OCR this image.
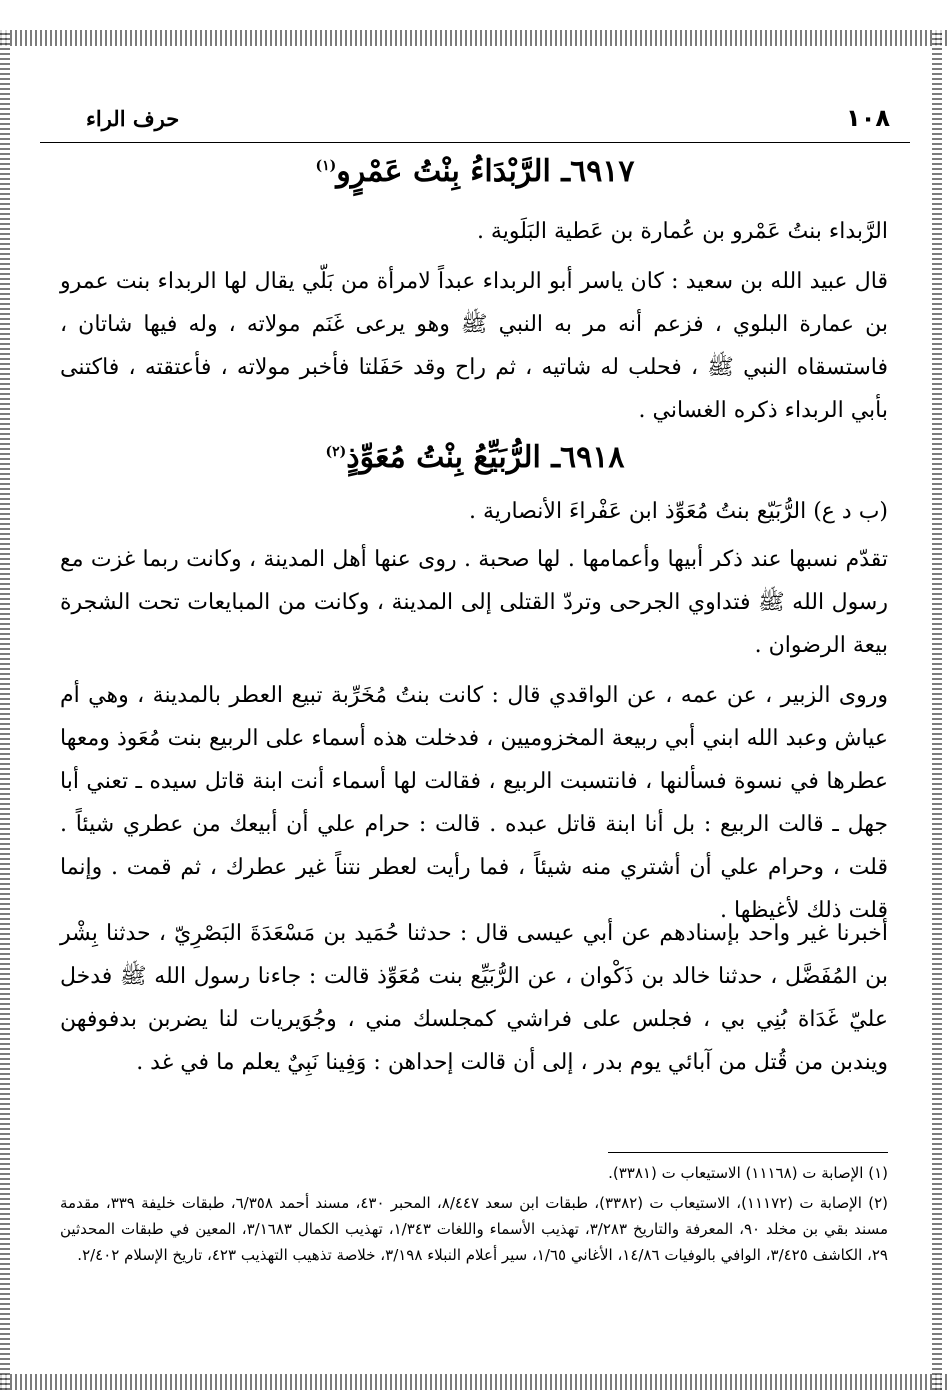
١٠٨
حرف الراء
٦٩١٧ـ الرَّبْدَاءُ بِنْتُ عَمْرٍو$^{(١)}$
الرَّبداء بنتُ عَمْرو بن عُمارة بن عَطية البَلَوية .
قال عبيد الله بن سعيد : كان ياسر أبو الربداء عبداً لامرأة من بَلّي يقال لها الربداء بنت عمرو بن عمارة البلوي ، فزعم أنه مر به النبي ﷺ وهو يرعى غَنَم مولاته ، وله فيها شاتان ، فاستسقاه النبي ﷺ ، فحلب له شاتيه ، ثم راح وقد حَفَلتا فأخبر مولاته ، فأعتقته ، فاكتنى بأبي الربداء ذكره الغساني .
٦٩١٨ـ الرُّبَيِّعُ بِنْتُ مُعَوِّذٍ$^{(٢)}$
(ب د ع) الرُّبَيّع بنتُ مُعَوِّذ ابن عَفْراءَ الأنصارية .
تقدّم نسبها عند ذكر أبيها وأعمامها . لها صحبة . روى عنها أهل المدينة ، وكانت ربما غزت مع رسول الله ﷺ فتداوي الجرحى وتردّ القتلى إلى المدينة ، وكانت من المبايعات تحت الشجرة بيعة الرضوان .
وروى الزبير ، عن عمه ، عن الواقدي قال : كانت بنتُ مُخَرِّبة تبيع العطر بالمدينة ، وهي أم عياش وعبد الله ابني أبي ربيعة المخزوميين ، فدخلت هذه أسماء على الربيع بنت مُعَوذ ومعها عطرها في نسوة فسألنها ، فانتسبت الربيع ، فقالت لها أسماء أنت ابنة قاتل سيده ـ تعني أبا جهل ـ قالت الربيع : بل أنا ابنة قاتل عبده . قالت : حرام علي أن أبيعك من عطري شيئاً . قلت ، وحرام علي أن أشتري منه شيئاً ، فما رأيت لعطر نتناً غير عطرك ، ثم قمت . وإنما قلت ذلك لأغيظها .
أخبرنا غير واحد بإسنادهم عن أبي عيسى قال : حدثنا حُمَيد بن مَسْعَدَةَ البَصْرِيّ ، حدثنا بِشْر بن المُفَضَّل ، حدثنا خالد بن ذَكْوان ، عن الرُّبَيِّع بنت مُعَوِّذ قالت : جاءنا رسول الله ﷺ فدخل عليّ غَدَاة بُنِي بي ، فجلس على فراشي كمجلسك مني ، وجُوَيريات لنا يضربن بدفوفهن ويندبن من قُتل من آبائي يوم بدر ، إلى أن قالت إحداهن : وَفِينا نَبِيٌ يعلم ما في غد .

(١) الإصابة ت (١١١٦٨) الاستيعاب ت (٣٣٨١).

(٢) الإصابة ت (١١١٧٢)، الاستيعاب ت (٣٣٨٢)، طبقات ابن سعد ٨/٤٤٧، المحبر ٤٣٠، مسند أحمد ٦/٣٥٨، طبقات خليفة ٣٣٩، مقدمة مسند بقي بن مخلد ٩٠، المعرفة والتاريخ ٣/٢٨٣، تهذيب الأسماء واللغات ١/٣٤٣، تهذيب الكمال ٣/١٦٨٣، المعين في طبقات المحدثين ٢٩، الكاشف ٣/٤٢٥، الوافي بالوفيات ١٤/٨٦، الأغاني ١/٦٥، سير أعلام النبلاء ٣/١٩٨، خلاصة تذهيب التهذيب ٤٢٣، تاريخ الإسلام ٢/٤٠٢.
